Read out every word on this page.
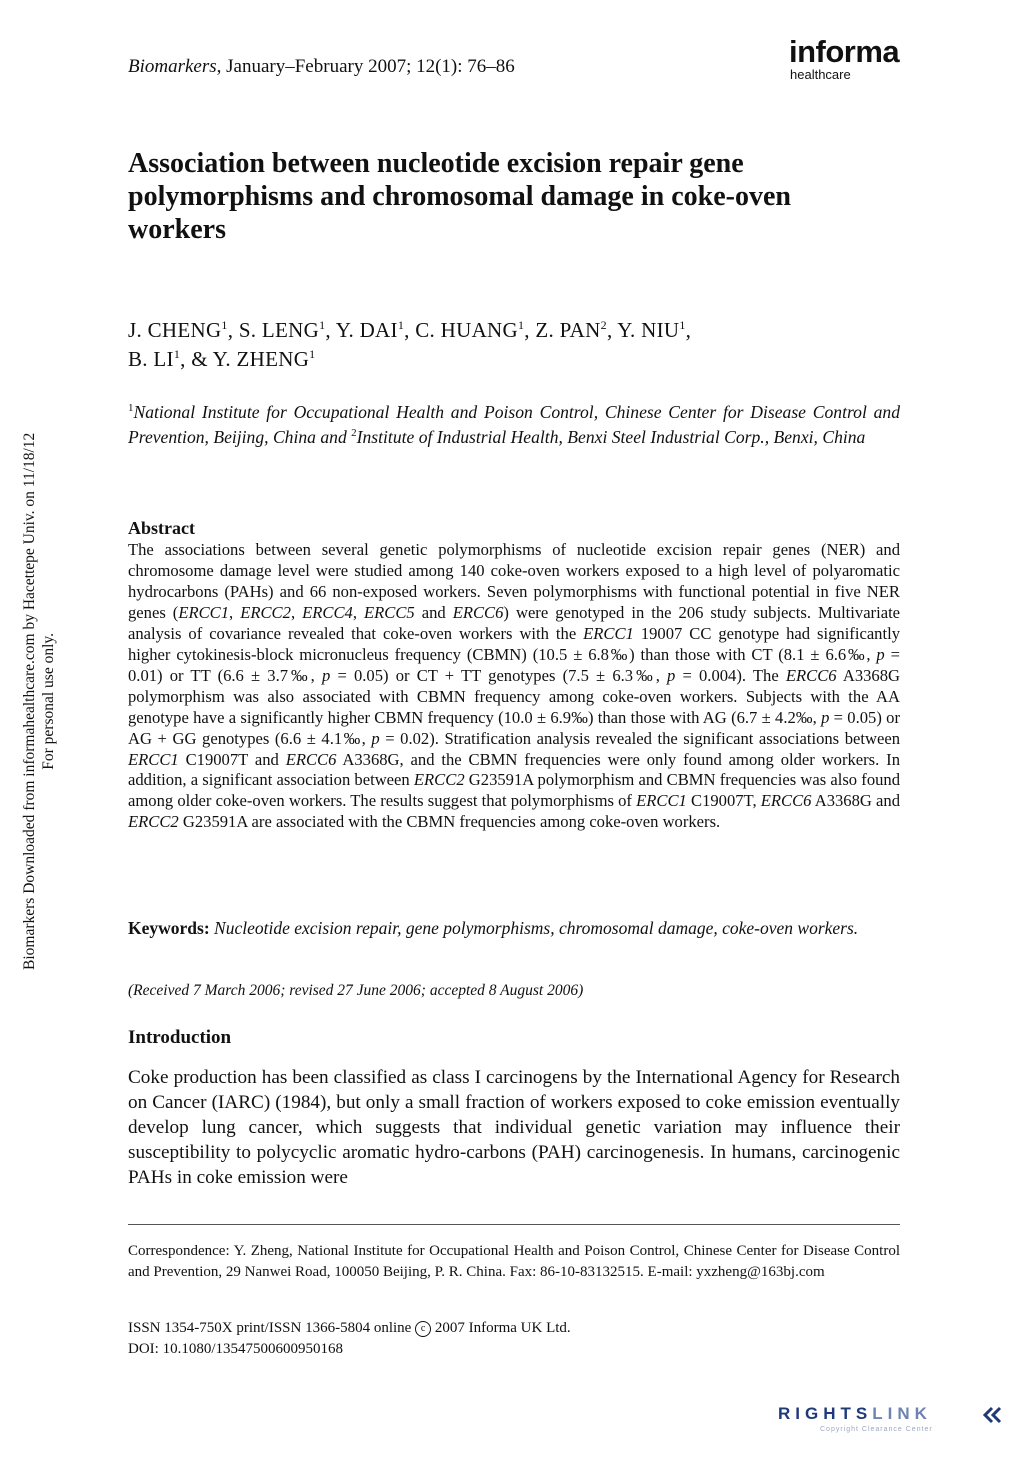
Biomarkers, January–February 2007; 12(1): 76–86	informa
healthcare
Association between nucleotide excision repair gene polymorphisms and chromosomal damage in coke-oven workers
J. CHENG$^1$, S. LENG$^1$, Y. DAI$^1$, C. HUANG$^1$, Z. PAN$^2$, Y. NIU$^1$,
B. $LI^1$, & Y. ZHENG$^1$
$^1$National Institute for Occupational Health and Poison Control, Chinese Center for Disease Control and Prevention, Beijing, China and $^2$Institute of Industrial Health, Benxi Steel Industrial Corp., Benxi, China
Abstract

The associations between several genetic polymorphisms of nucleotide excision repair genes (NER) and chromosome damage level were studied among 140 coke-oven workers exposed to a high level of polyaromatic hydrocarbons (PAHs) and 66 non-exposed workers. Seven polymorphisms with functional potential in five NER genes (ERCC1, ERCC2, ERCC4, ERCC5 and ERCC6) were genotyped in the 206 study subjects. Multivariate analysis of covariance revealed that coke-oven workers with the ERCC1 19007 CC genotype had significantly higher cytokinesis-block micronucleus frequency (CBMN) (10.5 ± 6.8‰) than those with CT (8.1 ± 6.6‰, p = 0.01) or TT (6.6 ± 3.7‰, p = 0.05) or CT + TT genotypes (7.5 ± 6.3‰, p = 0.004). The ERCC6 A3368G polymorphism was also associated with CBMN frequency among coke-oven workers. Subjects with the AA genotype have a significantly higher CBMN frequency (10.0 ± 6.9‰) than those with AG (6.7 ± 4.2‰, p = 0.05) or AG + GG genotypes (6.6 ± 4.1‰, p = 0.02). Stratification analysis revealed the significant associations between ERCC1 C19007T and ERCC6 A3368G, and the CBMN frequencies were only found among older workers. In addition, a significant association between ERCC2 G23591A polymorphism and CBMN frequencies was also found among older coke-oven workers. The results suggest that polymorphisms of ERCC1 C19007T, ERCC6 A3368G and ERCC2 G23591A are associated with the CBMN frequencies among coke-oven workers.

Keywords: Nucleotide excision repair, gene polymorphisms, chromosomal damage, coke-oven workers.
(Received 7 March 2006; revised 27 June 2006; accepted 8 August 2006)
Introduction

Coke production has been classified as class I carcinogens by the International Agency for Research on Cancer (IARC) (1984), but only a small fraction of workers exposed to coke emission eventually develop lung cancer, which suggests that individual genetic variation may influence their susceptibility to polycyclic aromatic hydro-carbons (PAH) carcinogenesis. In humans, carcinogenic PAHs in coke emission were

Correspondence: Y. Zheng, National Institute for Occupational Health and Poison Control, Chinese Center for Disease Control and Prevention, 29 Nanwei Road, 100050 Beijing, P. R. China. Fax: 86-10-83132515. E-mail: yxzheng@163bj.com
ISSN 1354-750X print/ISSN 1366-5804 online c 2007 Informa UK Ltd.
DOI: 10.1080/13547500600950168
Biomarkers Downloaded from informahealthcare.com by Hacettepe Univ. on 11/18/12 For personal use only.
RIGHTSLINK
Copyright Clearance Center
